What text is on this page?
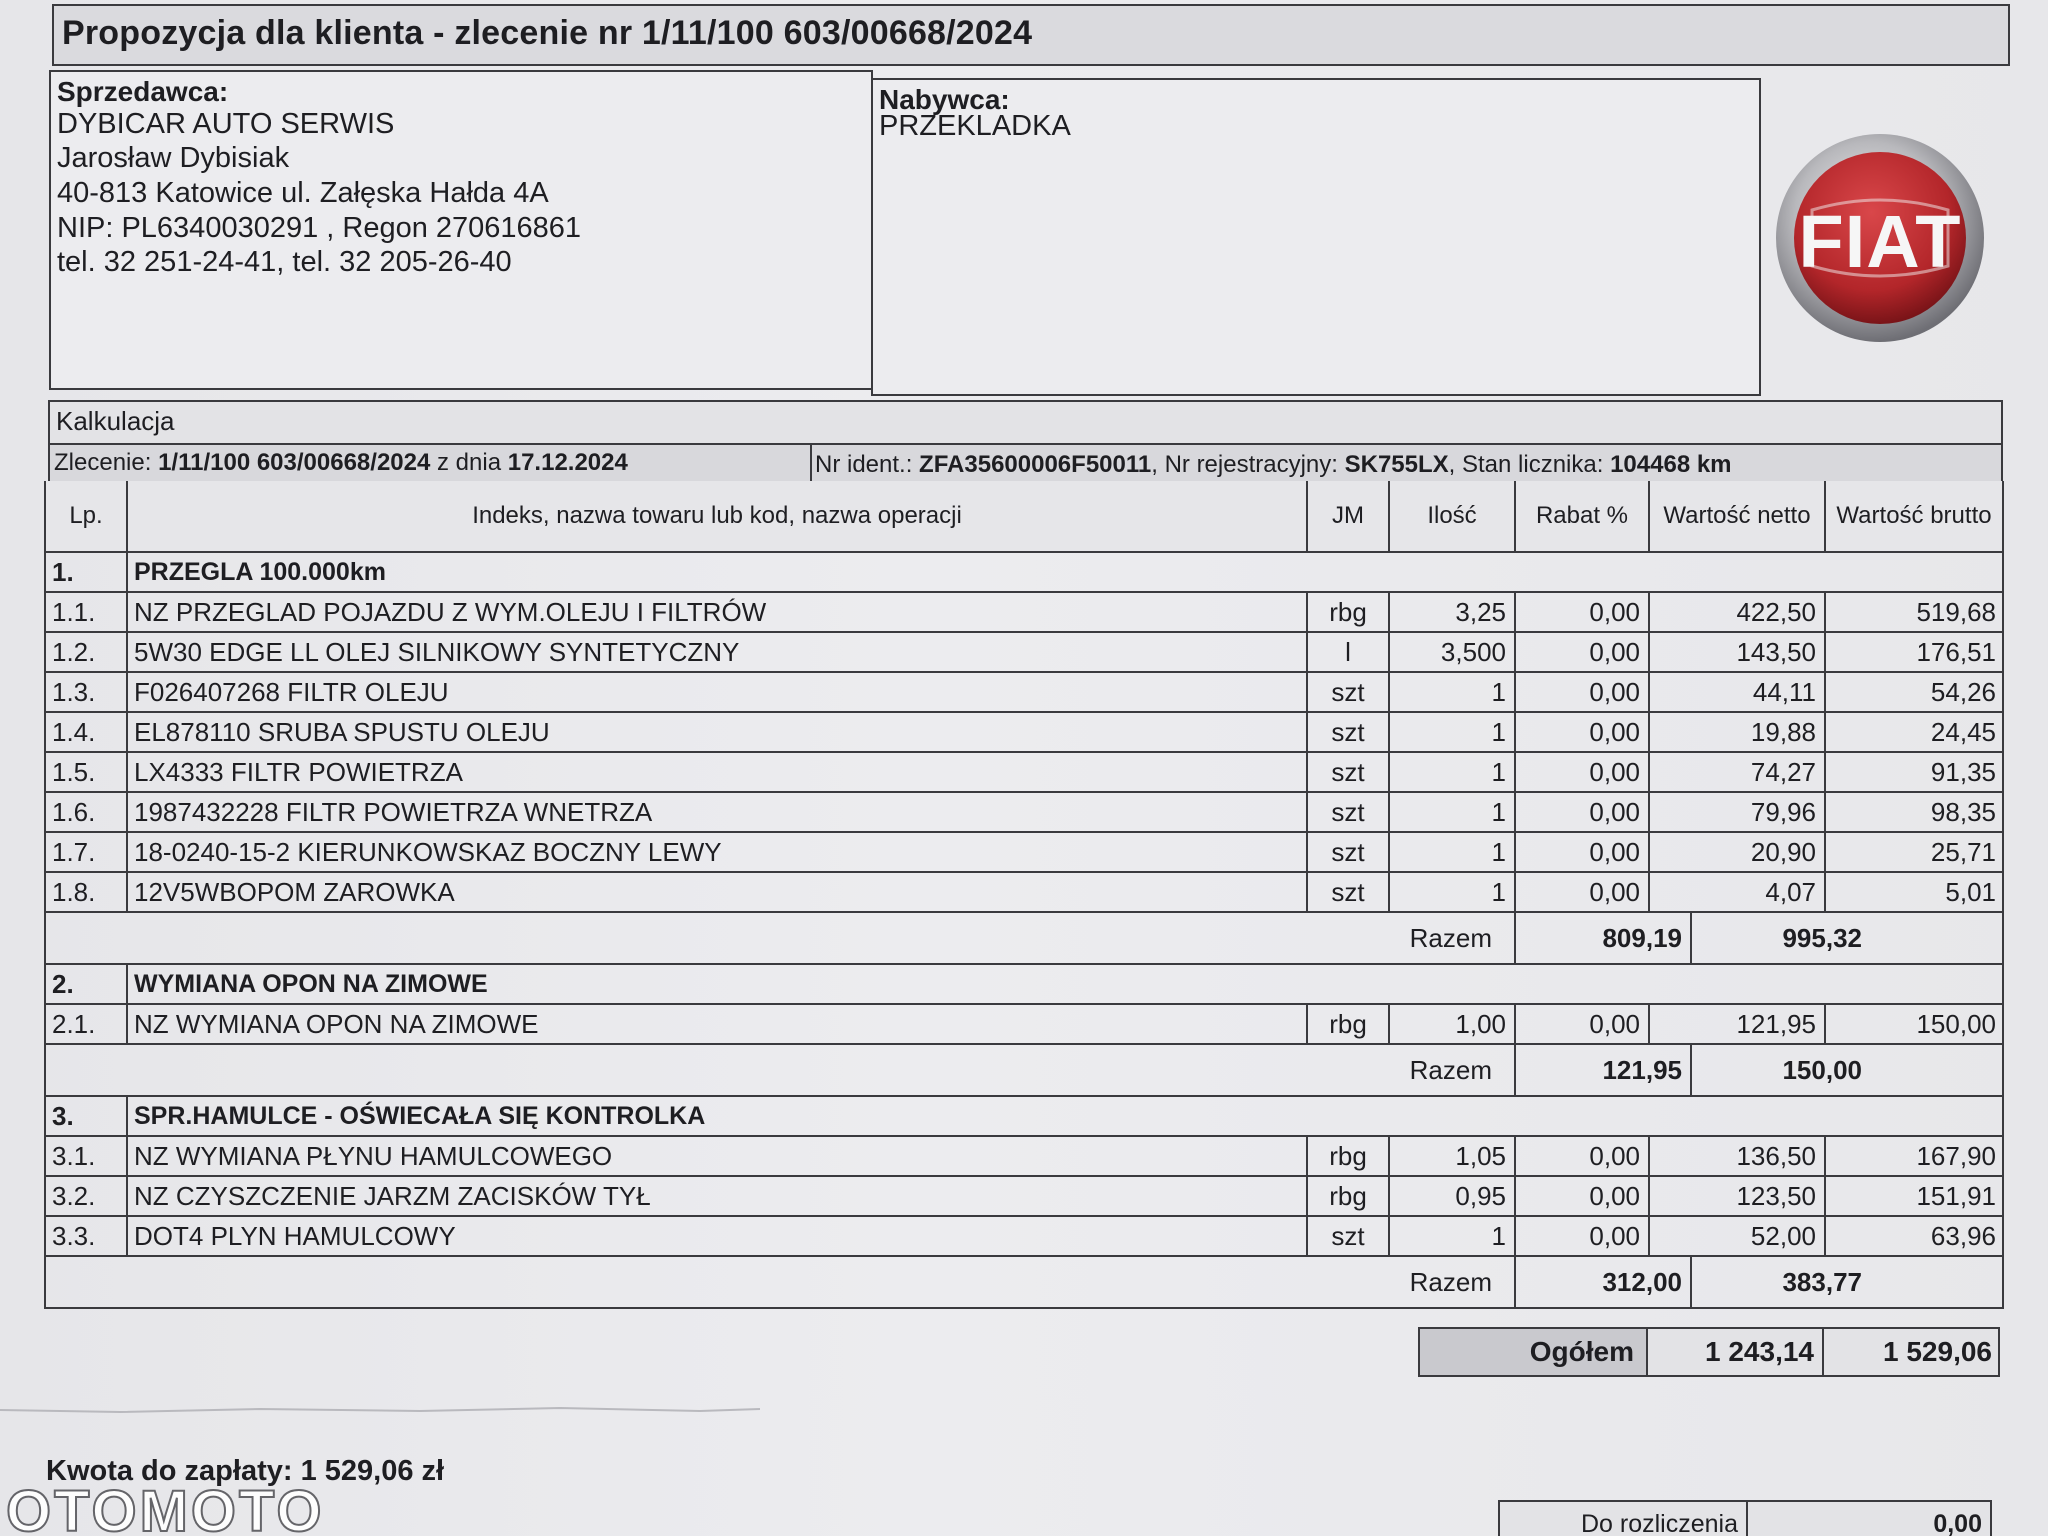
Propozycja dla klienta - zlecenie nr 1/11/100 603/00668/2024
Sprzedawca:
DYBICAR AUTO SERWIS
Jarosław Dybisiak
40-813 Katowice ul. Załęska Hałda 4A
NIP: PL6340030291 , Regon 270616861
tel. 32 251-24-41, tel. 32 205-26-40
Nabywca:
PRZEKLADKA
FIAT
Kalkulacja
Zlecenie: 1/11/100 603/00668/2024 z dnia 17.12.2024	Nr ident.: ZFA35600006F50011, Nr rejestracyjny: SK755LX, Stan licznika: 104468 km
Lp.	Indeks, nazwa towaru lub kod, nazwa operacji	JM	Ilość	Rabat %	Wartość netto	Wartość brutto
1.	PRZEGLA 100.000km
1.1.	NZ PRZEGLAD POJAZDU Z WYM.OLEJU I FILTRÓW	rbg	3,25	0,00	422,50	519,68
1.2.	5W30 EDGE LL OLEJ SILNIKOWY SYNTETYCZNY	l	3,500	0,00	143,50	176,51
1.3.	F026407268 FILTR OLEJU	szt	1	0,00	44,11	54,26
1.4.	EL878110 SRUBA SPUSTU OLEJU	szt	1	0,00	19,88	24,45
1.5.	LX4333 FILTR POWIETRZA	szt	1	0,00	74,27	91,35
1.6.	1987432228 FILTR POWIETRZA WNETRZA	szt	1	0,00	79,96	98,35
1.7.	18-0240-15-2 KIERUNKOWSKAZ BOCZNY LEWY	szt	1	0,00	20,90	25,71
1.8.	12V5WBOPOM ZAROWKA	szt	1	0,00	4,07	5,01
Razem	809,19	995,32
2.	WYMIANA OPON NA ZIMOWE
2.1.	NZ WYMIANA OPON NA ZIMOWE	rbg	1,00	0,00	121,95	150,00
Razem	121,95	150,00
3.	SPR.HAMULCE - OŚWIECAŁA SIĘ KONTROLKA
3.1.	NZ WYMIANA PŁYNU HAMULCOWEGO	rbg	1,05	0,00	136,50	167,90
3.2.	NZ CZYSZCZENIE JARZM ZACISKÓW TYŁ	rbg	0,95	0,00	123,50	151,91
3.3.	DOT4 PLYN HAMULCOWY	szt	1	0,00	52,00	63,96
Razem	312,00	383,77
Ogółem	1 243,14	1 529,06
Kwota do zapłaty: 1 529,06 zł
Do rozliczenia	0,00
OTOMOTO
